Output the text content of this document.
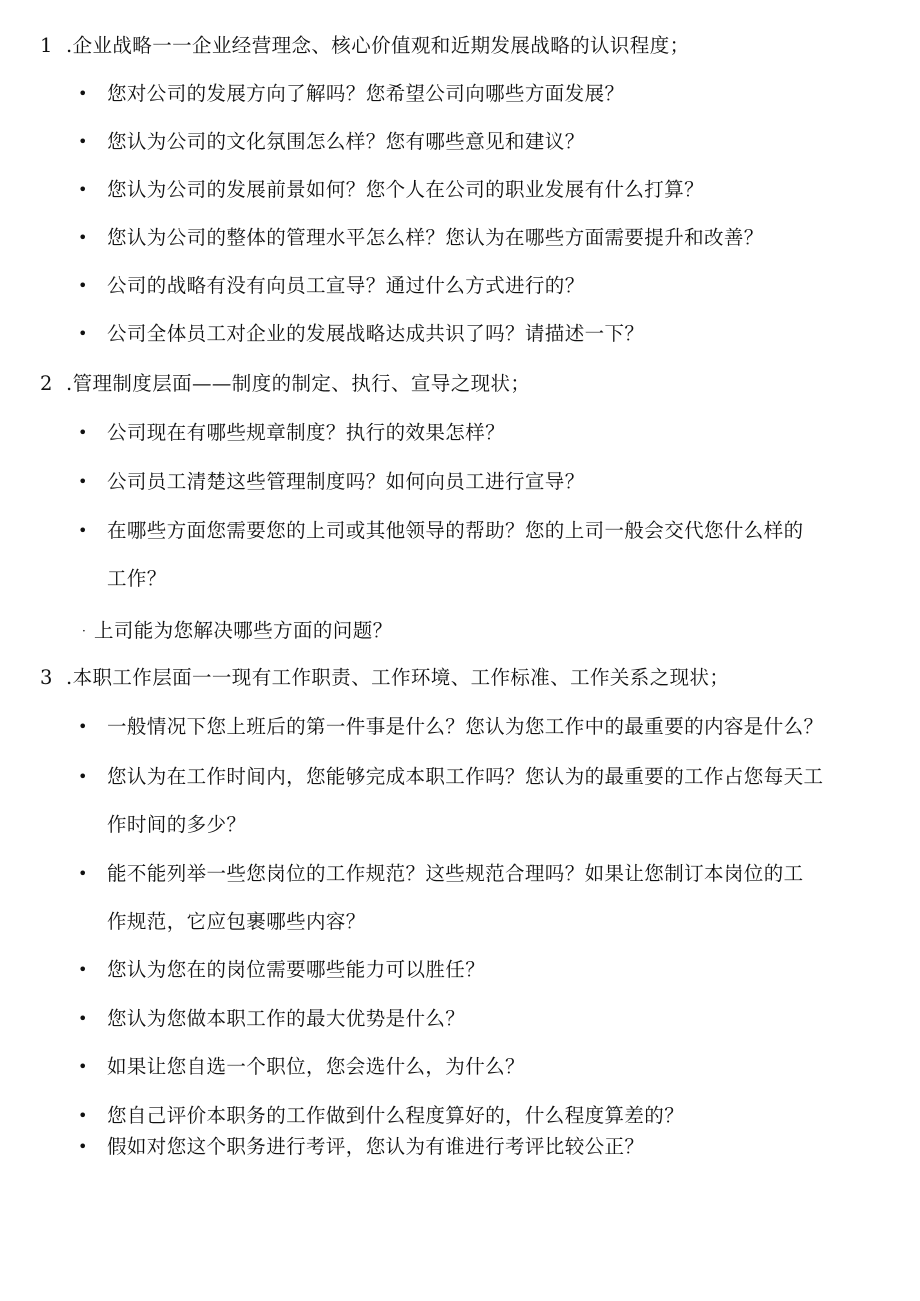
1 .企业战略一一企业经营理念、核心价值观和近期发展战略的认识程度；
• 您对公司的发展方向了解吗？您希望公司向哪些方面发展？
• 您认为公司的文化氛围怎么样？您有哪些意见和建议？
• 您认为公司的发展前景如何？您个人在公司的职业发展有什么打算？
• 您认为公司的整体的管理水平怎么样？您认为在哪些方面需要提升和改善？
• 公司的战略有没有向员工宣导？通过什么方式进行的？
• 公司全体员工对企业的发展战略达成共识了吗？请描述一下？
2 .管理制度层面——制度的制定、执行、宣导之现状；
• 公司现在有哪些规章制度？执行的效果怎样？
• 公司员工清楚这些管理制度吗？如何向员工进行宣导？
• 在哪些方面您需要您的上司或其他领导的帮助？您的上司一般会交代您什么样的
工作？
· 上司能为您解决哪些方面的问题？
3 .本职工作层面一一现有工作职责、工作环境、工作标准、工作关系之现状；
• 一般情况下您上班后的第一件事是什么？您认为您工作中的最重要的内容是什么？
• 您认为在工作时间内，您能够完成本职工作吗？您认为的最重要的工作占您每天工
作时间的多少？
• 能不能列举一些您岗位的工作规范？这些规范合理吗？如果让您制订本岗位的工
作规范，它应包裹哪些内容？
• 您认为您在的岗位需要哪些能力可以胜任？
• 您认为您做本职工作的最大优势是什么？
• 如果让您自选一个职位，您会选什么，为什么？
• 您自己评价本职务的工作做到什么程度算好的，什么程度算差的？
• 假如对您这个职务进行考评，您认为有谁进行考评比较公正？
